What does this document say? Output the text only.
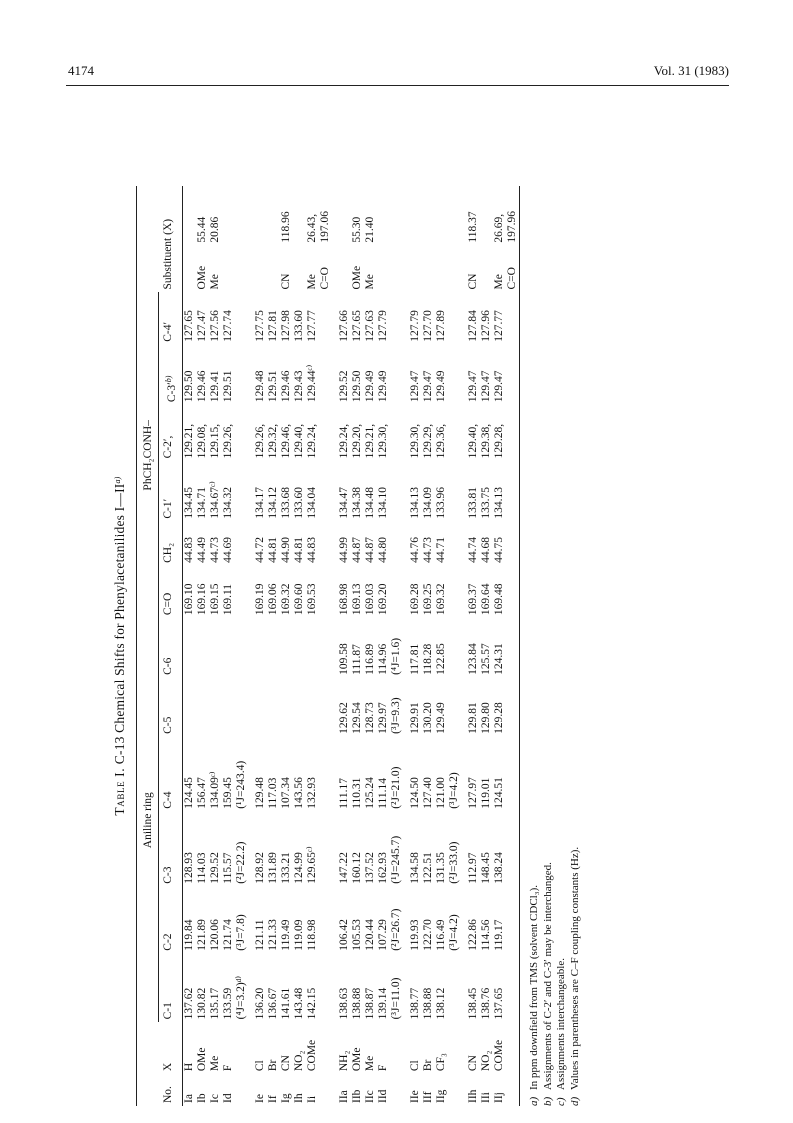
4174	Vol. 31 (1983)
Table I. C-13 Chemical Shifts for Phenylacetanilides I—II$^{a)}$
		Aniline ring						PhCH₂CONH–							
No.	X	C-1	C-2	C-3	C-4	C-5	C-6	C=O	CH₂	C-1′	C-2′,	$C-3'^{b)}$	C-4′	Substituent (X)	
Ia	H	137.62	119.84	128.93	124.45			169.10	44.83	134.45	129.21,	129.50	127.65		
Ib	OMe	130.82	121.89	114.03	156.47			169.16	44.49	134.71	129.08,	129.46	127.47	OMe	55.44
Ic	Me	135.17	120.06	129.52	134.09ᶜ⁾			169.15	44.73	134.67ᶜ⁾	129.15,	129.41	127.56	Me	20.86
Id	F	133.59	121.74	115.57	159.45			169.11	44.69	134.32	129.26,	129.51	127.74		
		(⁴J=3.2)ᵈ⁾	(³J=7.8)	(²J=22.2)	(¹J=243.4)										

Ie	Cl	136.20	121.11	128.92	129.48			169.19	44.72	134.17	129.26,	129.48	127.75		
If	Br	136.67	121.33	131.89	117.03			169.06	44.81	134.12	129.32,	129.51	127.81		
Ig	CN	141.61	119.49	133.21	107.34			169.32	44.90	133.68	129.46,	129.46	127.98	CN	118.96
Ih	NO₂	143.48	119.09	124.99	143.56			169.60	44.81	133.60	129.40,	129.43	133.60		
Ii	COMe	142.15	118.98	129.65ᶜ⁾	132.93			169.53	44.83	134.04	129.24,	129.44ᶜ⁾	127.77	Me	26.43,
														C=O	197.06

IIa	NH₂	138.63	106.42	147.22	111.17	129.62	109.58	168.98	44.99	134.47	129.24,	129.52	127.66		
IIb	OMe	138.88	105.53	160.12	110.31	129.54	111.87	169.13	44.87	134.38	129.20,	129.50	127.65	OMe	55.30
IIc	Me	138.87	120.44	137.52	125.24	128.73	116.89	169.03	44.87	134.48	129.21,	129.49	127.63	Me	21.40
IId	F	139.14	107.29	162.93	111.14	129.97	114.96	169.20	44.80	134.10	129.30,	129.49	127.79		
		(³J=11.0)	(²J=26.7)	(¹J=245.7)	(²J=21.0)	(³J=9.3)	(⁴J=1.6)								

IIe	Cl	138.77	119.93	134.58	124.50	129.91	117.81	169.28	44.76	134.13	129.30,	129.47	127.79		
IIf	Br	138.88	122.70	122.51	127.40	130.20	118.28	169.25	44.73	134.09	129.29,	129.47	127.70		
IIg	CF₃	138.12	116.49	131.35	121.00	129.49	122.85	169.32	44.71	133.96	129.36,	129.49	127.89		
			(³J=4.2)	(²J=33.0)	(³J=4.2)										

IIh	CN	138.45	122.86	112.97	127.97	129.81	123.84	169.37	44.74	133.81	129.40,	129.47	127.84	CN	118.37
IIi	NO₂	138.76	114.56	148.45	119.01	129.80	125.57	169.64	44.68	133.75	129.38,	129.47	127.96		
IIj	COMe	137.65	119.17	138.24	124.51	129.28	124.31	169.48	44.75	134.13	129.28,	129.47	127.77	Me	26.69,
														C=O	197.96
a)In ppm downfield from TMS (solvent CDCl₃).
b)Assignments of C-2′ and C-3′ may be interchanged.
c)Assignments interchangeable.
d)Values in parentheses are C–F coupling constants (Hz).
